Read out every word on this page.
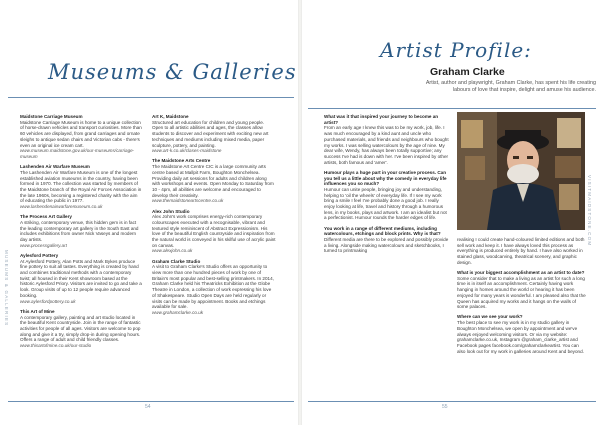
Museums & Galleries
MUSEUMS & GALLERIES

Maidstone Carriage Museum
Maidstone Carriage Museum is home to a unique collection of horse-drawn vehicles and transport curiosities. More than 60 vehicles are displayed, from grand carriages and ornate sleighs to antique sedan chairs and Victorian cabs - there's even an original ice cream cart.
www.museum.maidstone.gov.uk/our-museums/carriage-museum

Lashenden Air Warfare Museum
The Lashenden Air Warfare Museum is one of the longest established aviation museums in the country, having been formed in 1970. The collection was started by members of the Maidstone branch of the Royal Air Forces Association in the late 1960s, becoming a registered charity with the aim of educating the public in 1977.
www.lashendenairwarfaremuseum.co.uk

The Process Art Gallery
A striking, contemporary venue, this hidden gem is in fact the leading contemporary art gallery in the South East and includes exhibitions from owner Nick Vaseys and modern day artists.
www.processgallery.art

Aylesford Pottery
At Aylesford Pottery, Alan Potts and Mark Bykes produce fine pottery to suit all tastes. Everything is created by hand and combines traditional methods with a contemporary twist; all housed in their Kent showroom based at the historic Aylesford Priory. Visitors are invited to go and take a look. Group visits of up to 12 people require advanced booking.
www.aylesfordpottery.co.uk

This Art of Mine
A contemporary gallery, painting and art studio located in the beautiful Kent countryside. Join in the range of fantastic activities for people of all ages. Visitors are welcome to pop along and give it a try, simply drop-in during opening hours. Offers a range of adult and child friendly classes.
www.thisartofmine.co.uk/our-studio

Art K, Maidstone
Structured art education for children and young people. Open to all artistic abilities and ages, the classes allow students to discover and experiment with exciting new art techniques and mediums including mixed media, paper sculpture, pottery, and painting.
www.art-k.co.uk/clases-maidstone

The Maidstone Arts Centre
The Maidstone Art Centre CIC is a large community arts centre based at Mallpit Farm, Boughton Monchelsea. Providing daily art sessions for adults and children along with workshops and events. Open Monday to Saturday from 10 - 4pm, all abilities are welcome and encouraged to develop their creativity.
www.themaidstoneartscentre.co.uk

Alex John Studio
Alex John's work comprises energy-rich contemporary colourscapes executed with a recognisable, vibrant and textured style reminiscent of Abstract Expressionism. His love of the beautiful English countryside and inspiration from the natural world is conveyed in his skilful use of acrylic paint on canvas.
www.alexjohn.co.uk

Graham Clarke Studio
A visit to Graham Clarke's Studio offers an opportunity to view more than one hundred pieces of work by one of Britain's most popular and best-selling printmakers. In 2014, Graham Clarke held his Theatricks Exhibition at the Globe Theatre in London, a collection of work expressing his love of Shakespeare. Studio Open Days are held regularly or visits can be made by appointment. Books and etchings available for sale.
www.grahamclarke.co.uk

54
Artist Profile:
Graham Clarke
Artist, author and playwright, Graham Clarke, has spent his life creating labours of love that inspire, delight and amuse his audience.
VISITMAIDSTONE.COM

What was it that inspired your journey to become an artist?
From an early age I knew this was to be my work, job, life. I was much encouraged by a kind aunt and uncle who purchased materials, and friends and neighbours who bought my works. I was selling watercolours by the age of nine. My dear wife, Wendy, has always been totally supportive; any success I've had is down with her. I've been inspired by other artists, both famous and 'amer'.

Humour plays a huge part in your creative process. Can you tell us a little about why the comedy in everyday life influences you so much?
Humour can unite people, bringing joy and understanding, helping to 'oil the wheels' of everyday life. If I see my work bring a smile I feel I've probably done a good job. I really enjoy looking at life, travel and history through a humorous lens, in my books, plays and artwork. I am an idealist but not a perfectionist. Humour rounds the harder edges of life.

You work in a range of different mediums, including watercolours, etchings and block prints. Why is that?
Different media are there to be explored and possibly provide a living. Alongside making watercolours and sketchbooks, I turned to printmaking

realising I could create hand-coloured limited editions and both sell work and keep it. I have always loved this process as everything is produced entirely by hand. I have also worked in stained glass, woodcarving, theatrical scenery, and graphic design.

What is your biggest accomplishment as an artist to date?
Some consider that to make a living as an artist for such a long time is in itself an accomplishment. Certainly having work hanging in homes around the world or hearing it has been enjoyed for many years is wonderful. I am pleased also that the Queen has acquired my works and it hangs on the walls of some palaces.

Where can we see your work?
The best place to see my work is in my studio gallery in Boughton Monchelsea, we open by appointment and we've always enjoyed welcoming visitors. Or via my website: grahamclarke.co.uk, Instagram @graham_clarke_artist and Facebook pages facebook.com/grahamclarkeartist. You can also look out for my work in galleries around Kent and beyond.

55
